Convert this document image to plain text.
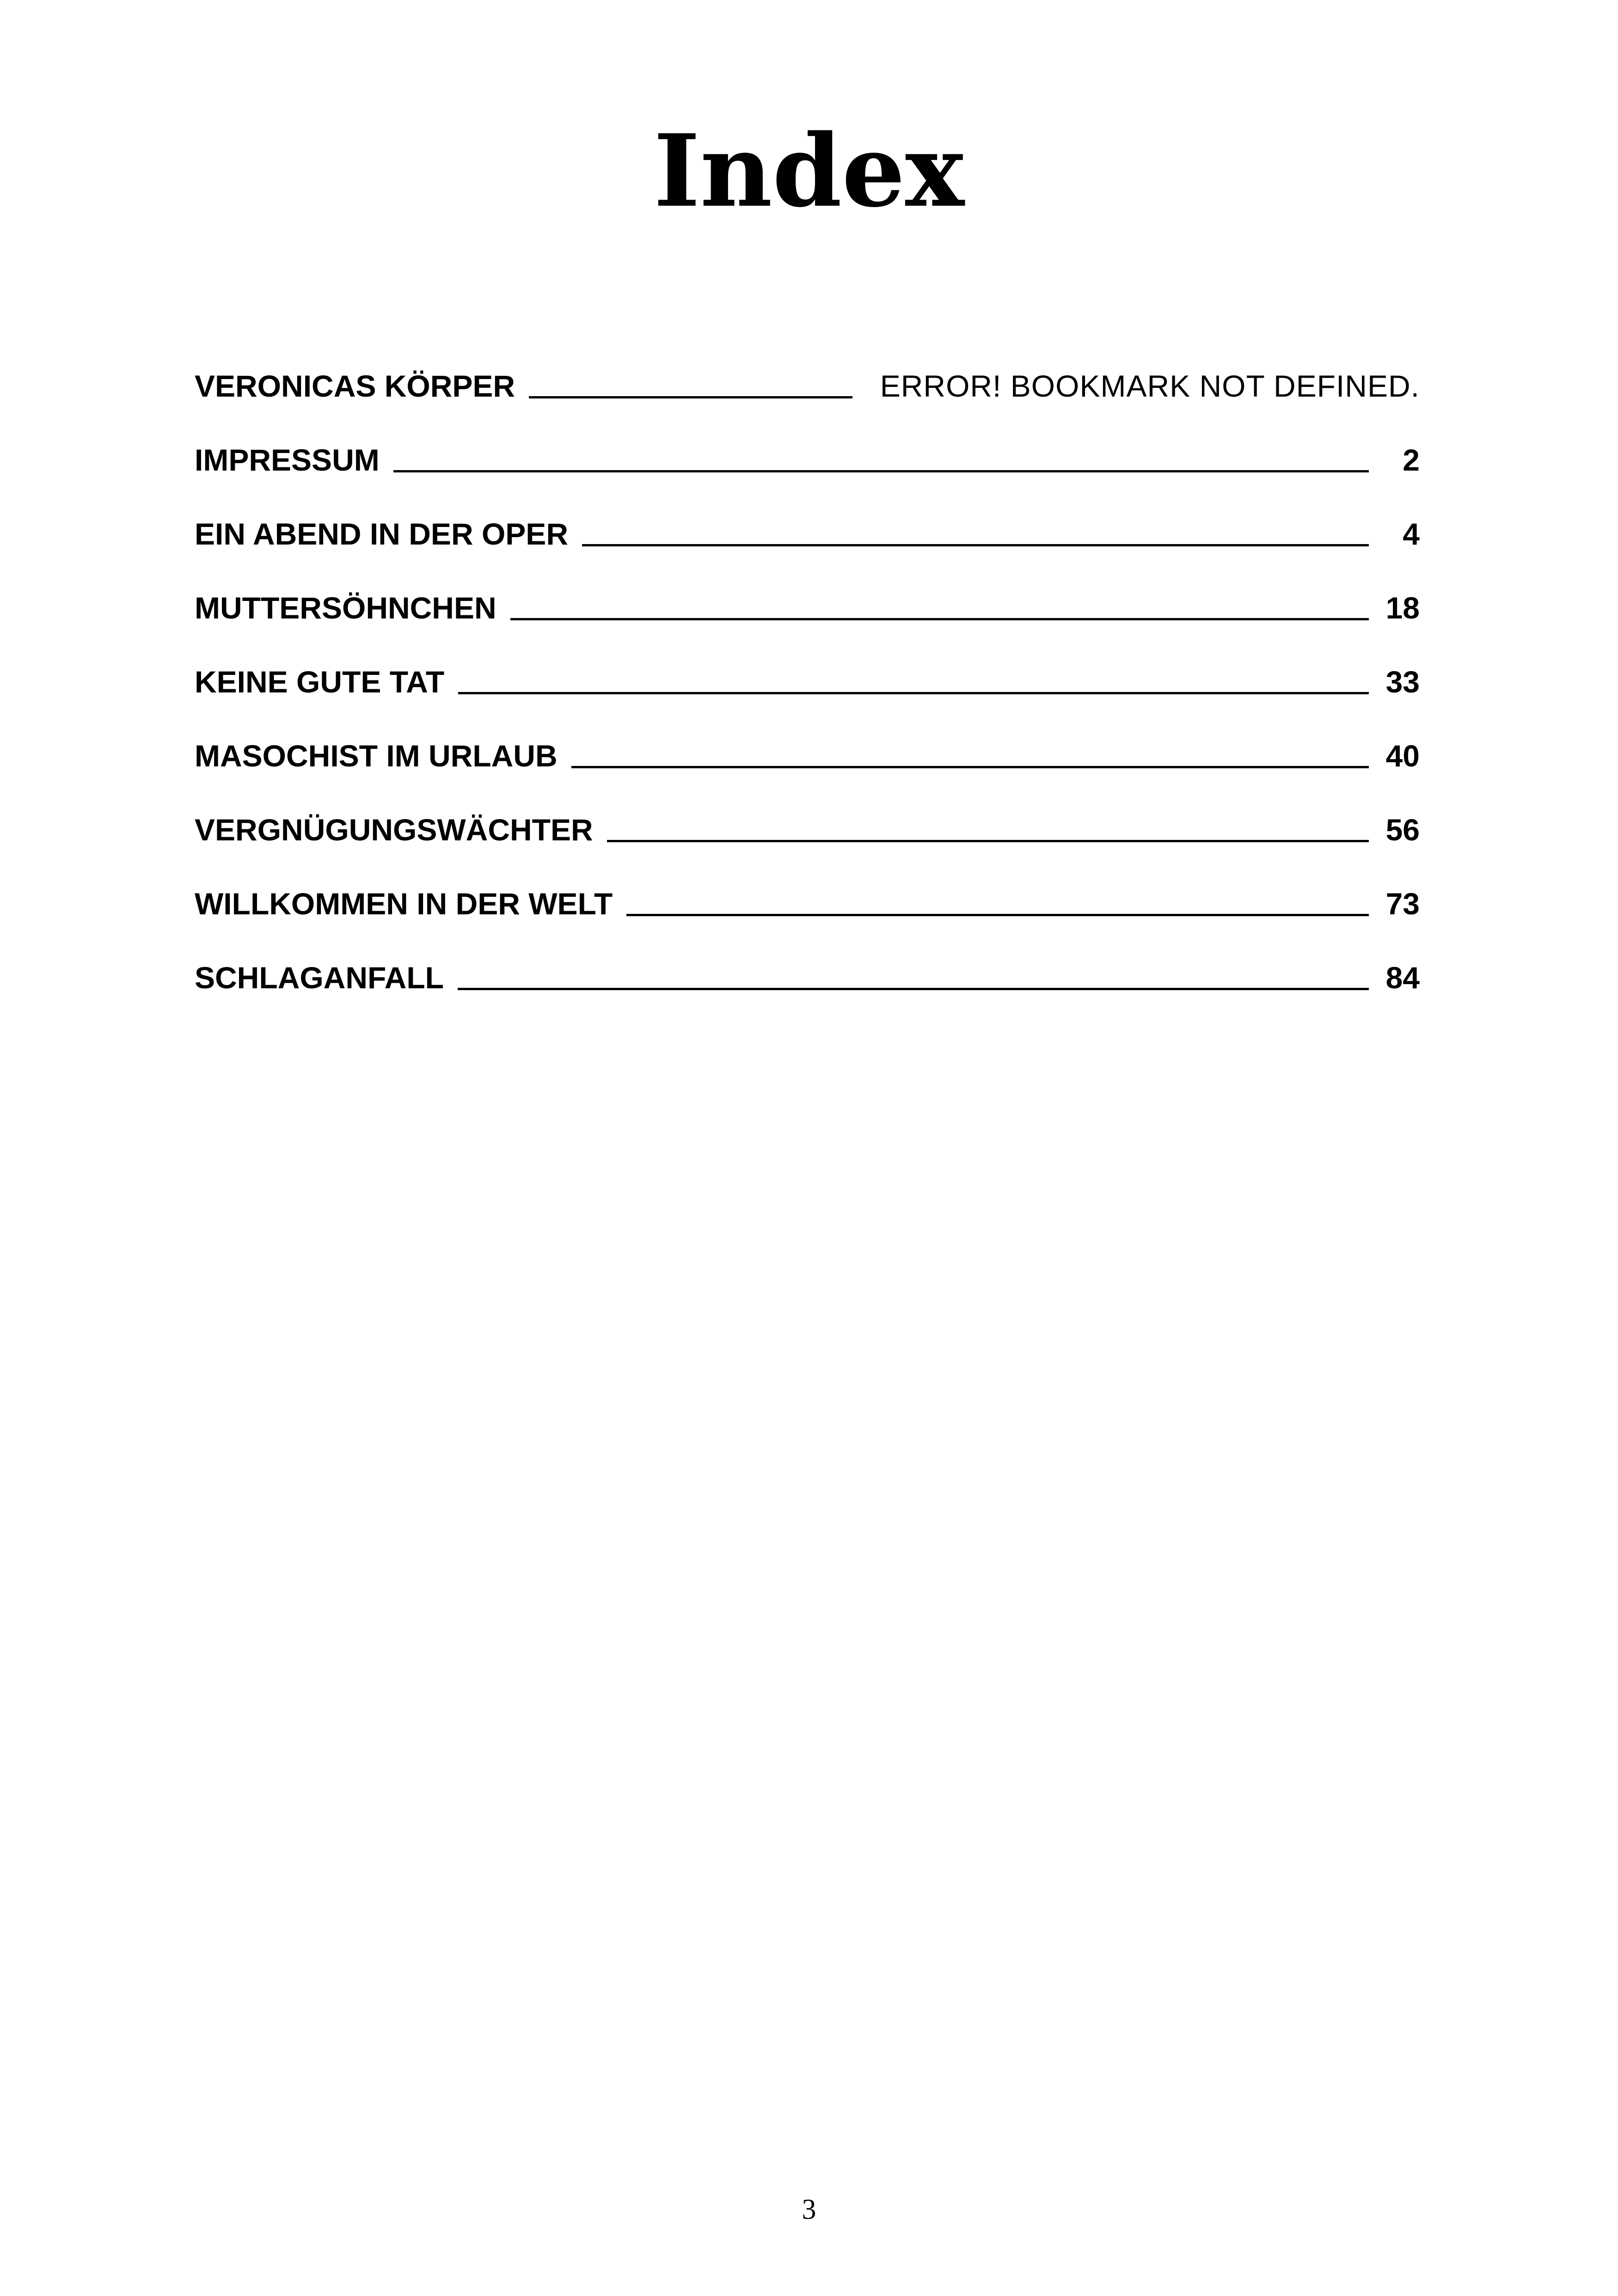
Index
VERONICAS KÖRPER	ERROR! BOOKMARK NOT DEFINED.
IMPRESSUM	2
EIN ABEND IN DER OPER	4
MUTTERSÖHNCHEN	18
KEINE GUTE TAT	33
MASOCHIST IM URLAUB	40
VERGNÜGUNGSWÄCHTER	56
WILLKOMMEN IN DER WELT	73
SCHLAGANFALL	84
3
